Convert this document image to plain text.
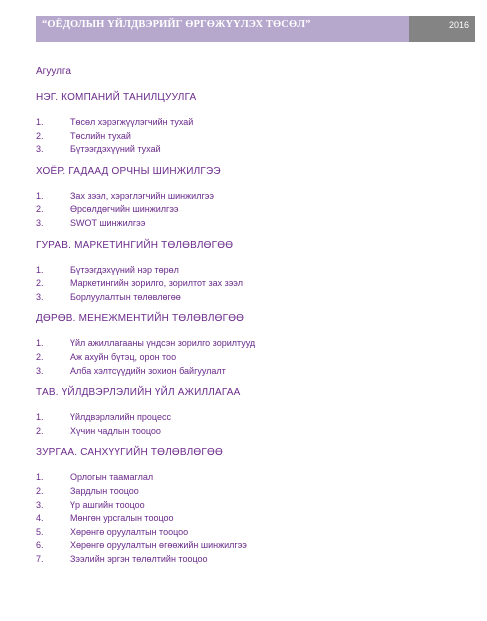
“ОЁДОЛЫН ҮЙЛДВЭРИЙГ ӨРГӨЖҮҮЛЭХ ТӨСӨЛ”	2016
Агуулга
НЭГ. КОМПАНИЙ ТАНИЛЦУУЛГА
1.	Төсөл хэрэгжүүлэгчийн тухай
2.	Төслийн тухай
3.	Бүтээгдэхүүний тухай
ХОЁР. ГАДААД ОРЧНЫ ШИНЖИЛГЭЭ
1.	Зах зээл, хэрэглэгчийн шинжилгээ
2.	Өрсөлдөгчийн шинжилгээ
3.	SWOT шинжилгээ
ГУРАВ. МАРКЕТИНГИЙН ТӨЛӨВЛӨГӨӨ
1.	Бүтээгдэхүүний нэр төрөл
2.	Маркетингийн зорилго, зорилтот зах зээл
3.	Борлуулалтын төлөвлөгөө
ДӨРӨВ. МЕНЕЖМЕНТИЙН ТӨЛӨВЛӨГӨӨ
1.	Үйл ажиллагааны үндсэн зорилго зорилтууд
2.	Аж ахуйн бүтэц, орон тоо
3.	Алба хэлтсүүдийн зохион байгуулалт
ТАВ. ҮЙЛДВЭРЛЭЛИЙН ҮЙЛ АЖИЛЛАГАА
1.	Үйлдвэрлэлийн процесс
2.	Хүчин чадлын тооцоо
ЗУРГАА. САНХҮҮГИЙН ТӨЛӨВЛӨГӨӨ
1.	Орлогын таамаглал
2.	Зардлын тооцоо
3.	Үр ашгийн тооцоо
4.	Мөнгөн урсгалын тооцоо
5.	Хөрөнгө оруулалтын тооцоо
6.	Хөрөнгө оруулалтын өгөөжийн шинжилгээ
7.	Зээлийн эргэн төлөлтийн тооцоо
